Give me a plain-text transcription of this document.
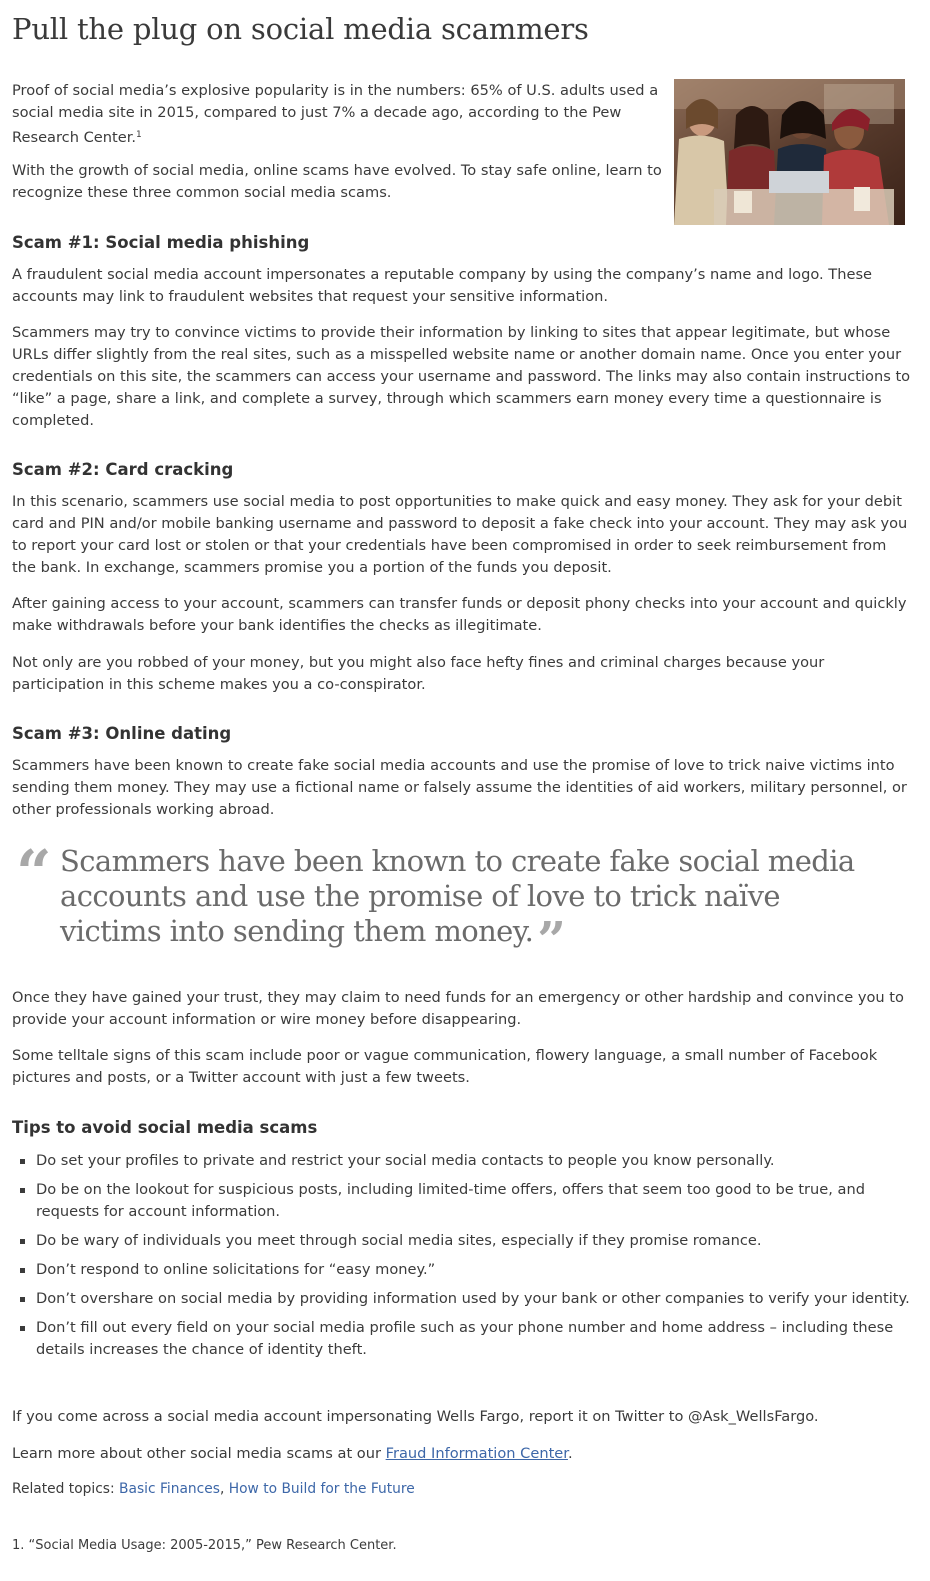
Pull the plug on social media scammers

Proof of social media’s explosive popularity is in the numbers: 65% of U.S. adults used a social media site in 2015, compared to just 7% a decade ago, according to the Pew Research Center.$^1$

With the growth of social media, online scams have evolved. To stay safe online, learn to recognize these three common social media scams.

Scam #1: Social media phishing

A fraudulent social media account impersonates a reputable company by using the company’s name and logo. These accounts may link to fraudulent websites that request your sensitive information.

Scammers may try to convince victims to provide their information by linking to sites that appear legitimate, but whose URLs differ slightly from the real sites, such as a misspelled website name or another domain name. Once you enter your credentials on this site, the scammers can access your username and password. The links may also contain instructions to “like” a page, share a link, and complete a survey, through which scammers earn money every time a questionnaire is completed.

Scam #2: Card cracking

In this scenario, scammers use social media to post opportunities to make quick and easy money. They ask for your debit card and PIN and/or mobile banking username and password to deposit a fake check into your account. They may ask you to report your card lost or stolen or that your credentials have been compromised in order to seek reimbursement from the bank. In exchange, scammers promise you a portion of the funds you deposit.

After gaining access to your account, scammers can transfer funds or deposit phony checks into your account and quickly make withdrawals before your bank identifies the checks as illegitimate.

Not only are you robbed of your money, but you might also face hefty fines and criminal charges because your participation in this scheme makes you a co-conspirator.

Scam #3: Online dating

Scammers have been known to create fake social media accounts and use the promise of love to trick naive victims into sending them money. They may use a fictional name or falsely assume the identities of aid workers, military personnel, or other professionals working abroad.

“ Scammers have been known to create fake social media accounts and use the promise of love to trick naïve victims into sending them money.”

Once they have gained your trust, they may claim to need funds for an emergency or other hardship and convince you to provide your account information or wire money before disappearing.

Some telltale signs of this scam include poor or vague communication, flowery language, a small number of Facebook pictures and posts, or a Twitter account with just a few tweets.

Tips to avoid social media scams
Do set your profiles to private and restrict your social media contacts to people you know personally.
Do be on the lookout for suspicious posts, including limited-time offers, offers that seem too good to be true, and requests for account information.
Do be wary of individuals you meet through social media sites, especially if they promise romance.
Don’t respond to online solicitations for “easy money.”
Don’t overshare on social media by providing information used by your bank or other companies to verify your identity.
Don’t fill out every field on your social media profile such as your phone number and home address – including these details increases the chance of identity theft.

If you come across a social media account impersonating Wells Fargo, report it on Twitter to @Ask_WellsFargo.

Learn more about other social media scams at our Fraud Information Center.

Related topics: Basic Finances, How to Build for the Future
1. “Social Media Usage: 2005-2015,” Pew Research Center.
